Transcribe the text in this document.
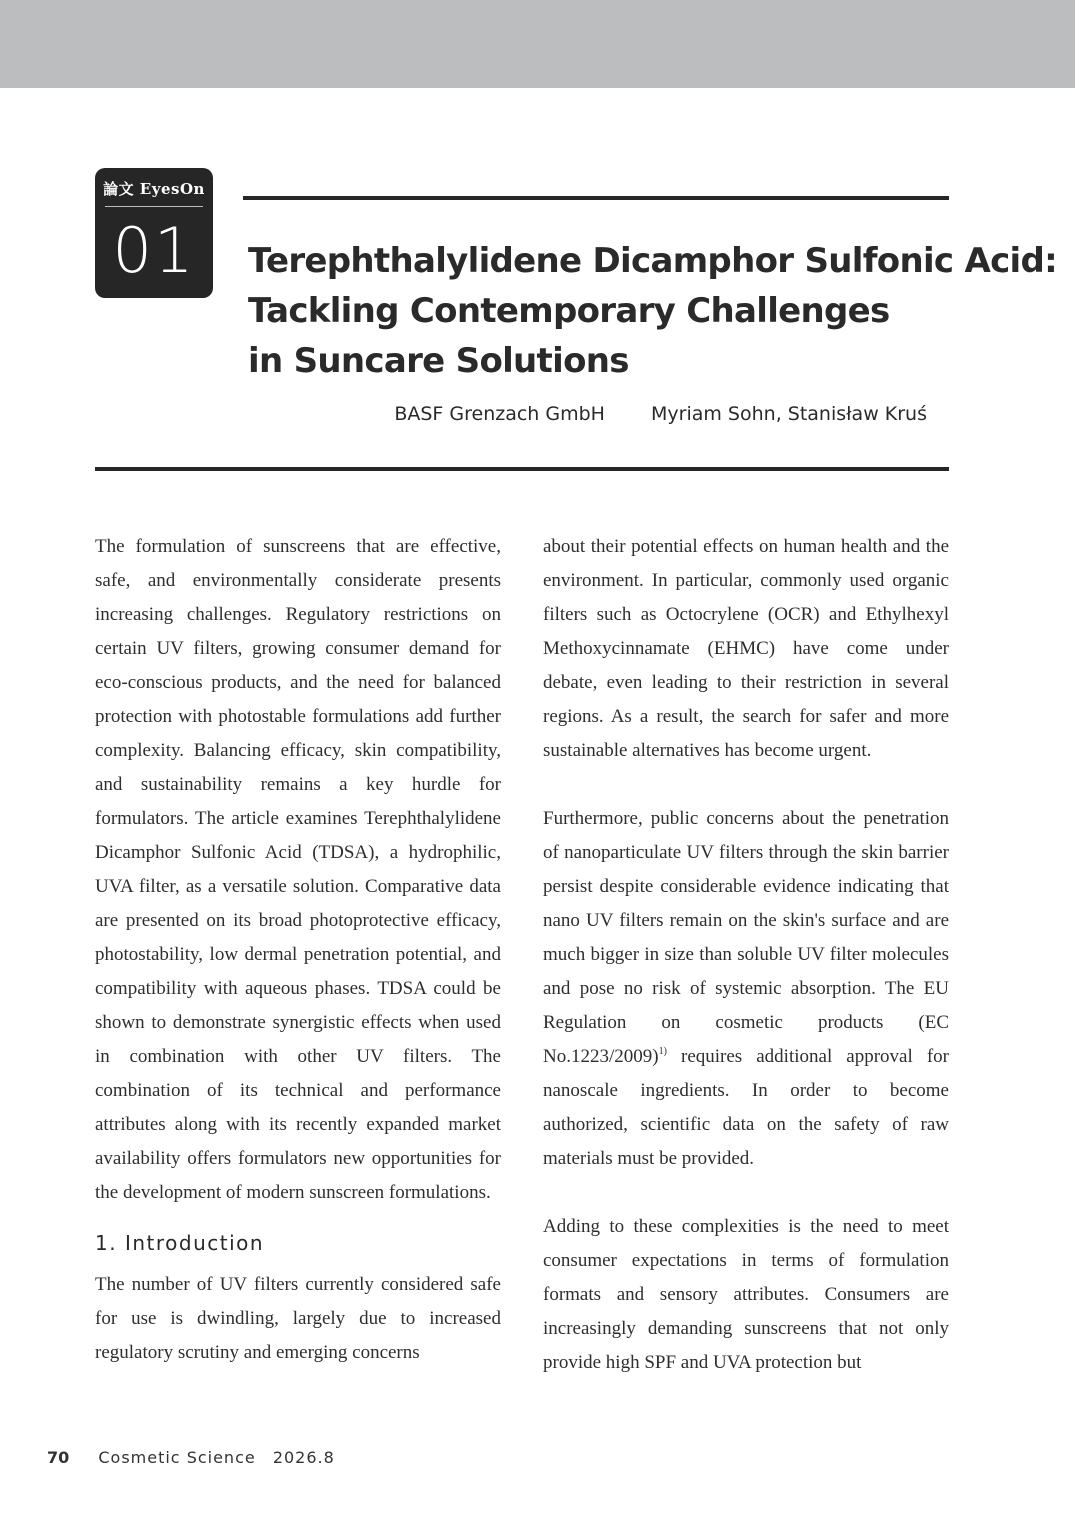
論文 EyesOn
01	Terephthalylidene Dicamphor Sulfonic Acid:
Tackling Contemporary Challenges
in Suncare Solutions
BASF Grenzach GmbH Myriam Sohn, Stanisław Kruś

The formulation of sunscreens that are effective, safe, and environmentally considerate presents increasing challenges. Regulatory restrictions on certain UV filters, growing consumer demand for eco-conscious products, and the need for balanced protection with photostable formulations add further complexity. Balancing efficacy, skin compatibility, and sustainability remains a key hurdle for formulators. The article examines Terephthalylidene Dicamphor Sulfonic Acid (TDSA), a hydrophilic, UVA filter, as a versatile solution. Comparative data are presented on its broad photoprotective efficacy, photostability, low dermal penetration potential, and compatibility with aqueous phases. TDSA could be shown to demonstrate synergistic effects when used in combination with other UV filters. The combination of its technical and performance attributes along with its recently expanded market availability offers formulators new opportunities for the development of modern sunscreen formulations.

1. Introduction

The number of UV filters currently considered safe for use is dwindling, largely due to increased regulatory scrutiny and emerging concerns

about their potential effects on human health and the environment. In particular, commonly used organic filters such as Octocrylene (OCR) and Ethylhexyl Methoxycinnamate (EHMC) have come under debate, even leading to their restriction in several regions. As a result, the search for safer and more sustainable alternatives has become urgent.

Furthermore, public concerns about the penetration of nanoparticulate UV filters through the skin barrier persist despite considerable evidence indicating that nano UV filters remain on the skin's surface and are much bigger in size than soluble UV filter molecules and pose no risk of systemic absorption. The EU Regulation on cosmetic products (EC No.1223/2009)$^{1)}$ requires additional approval for nanoscale ingredients. In order to become authorized, scientific data on the safety of raw materials must be provided.

Adding to these complexities is the need to meet consumer expectations in terms of formulation formats and sensory attributes. Consumers are increasingly demanding sunscreens that not only provide high SPF and UVA protection but

70 Cosmetic Science 2026.8
